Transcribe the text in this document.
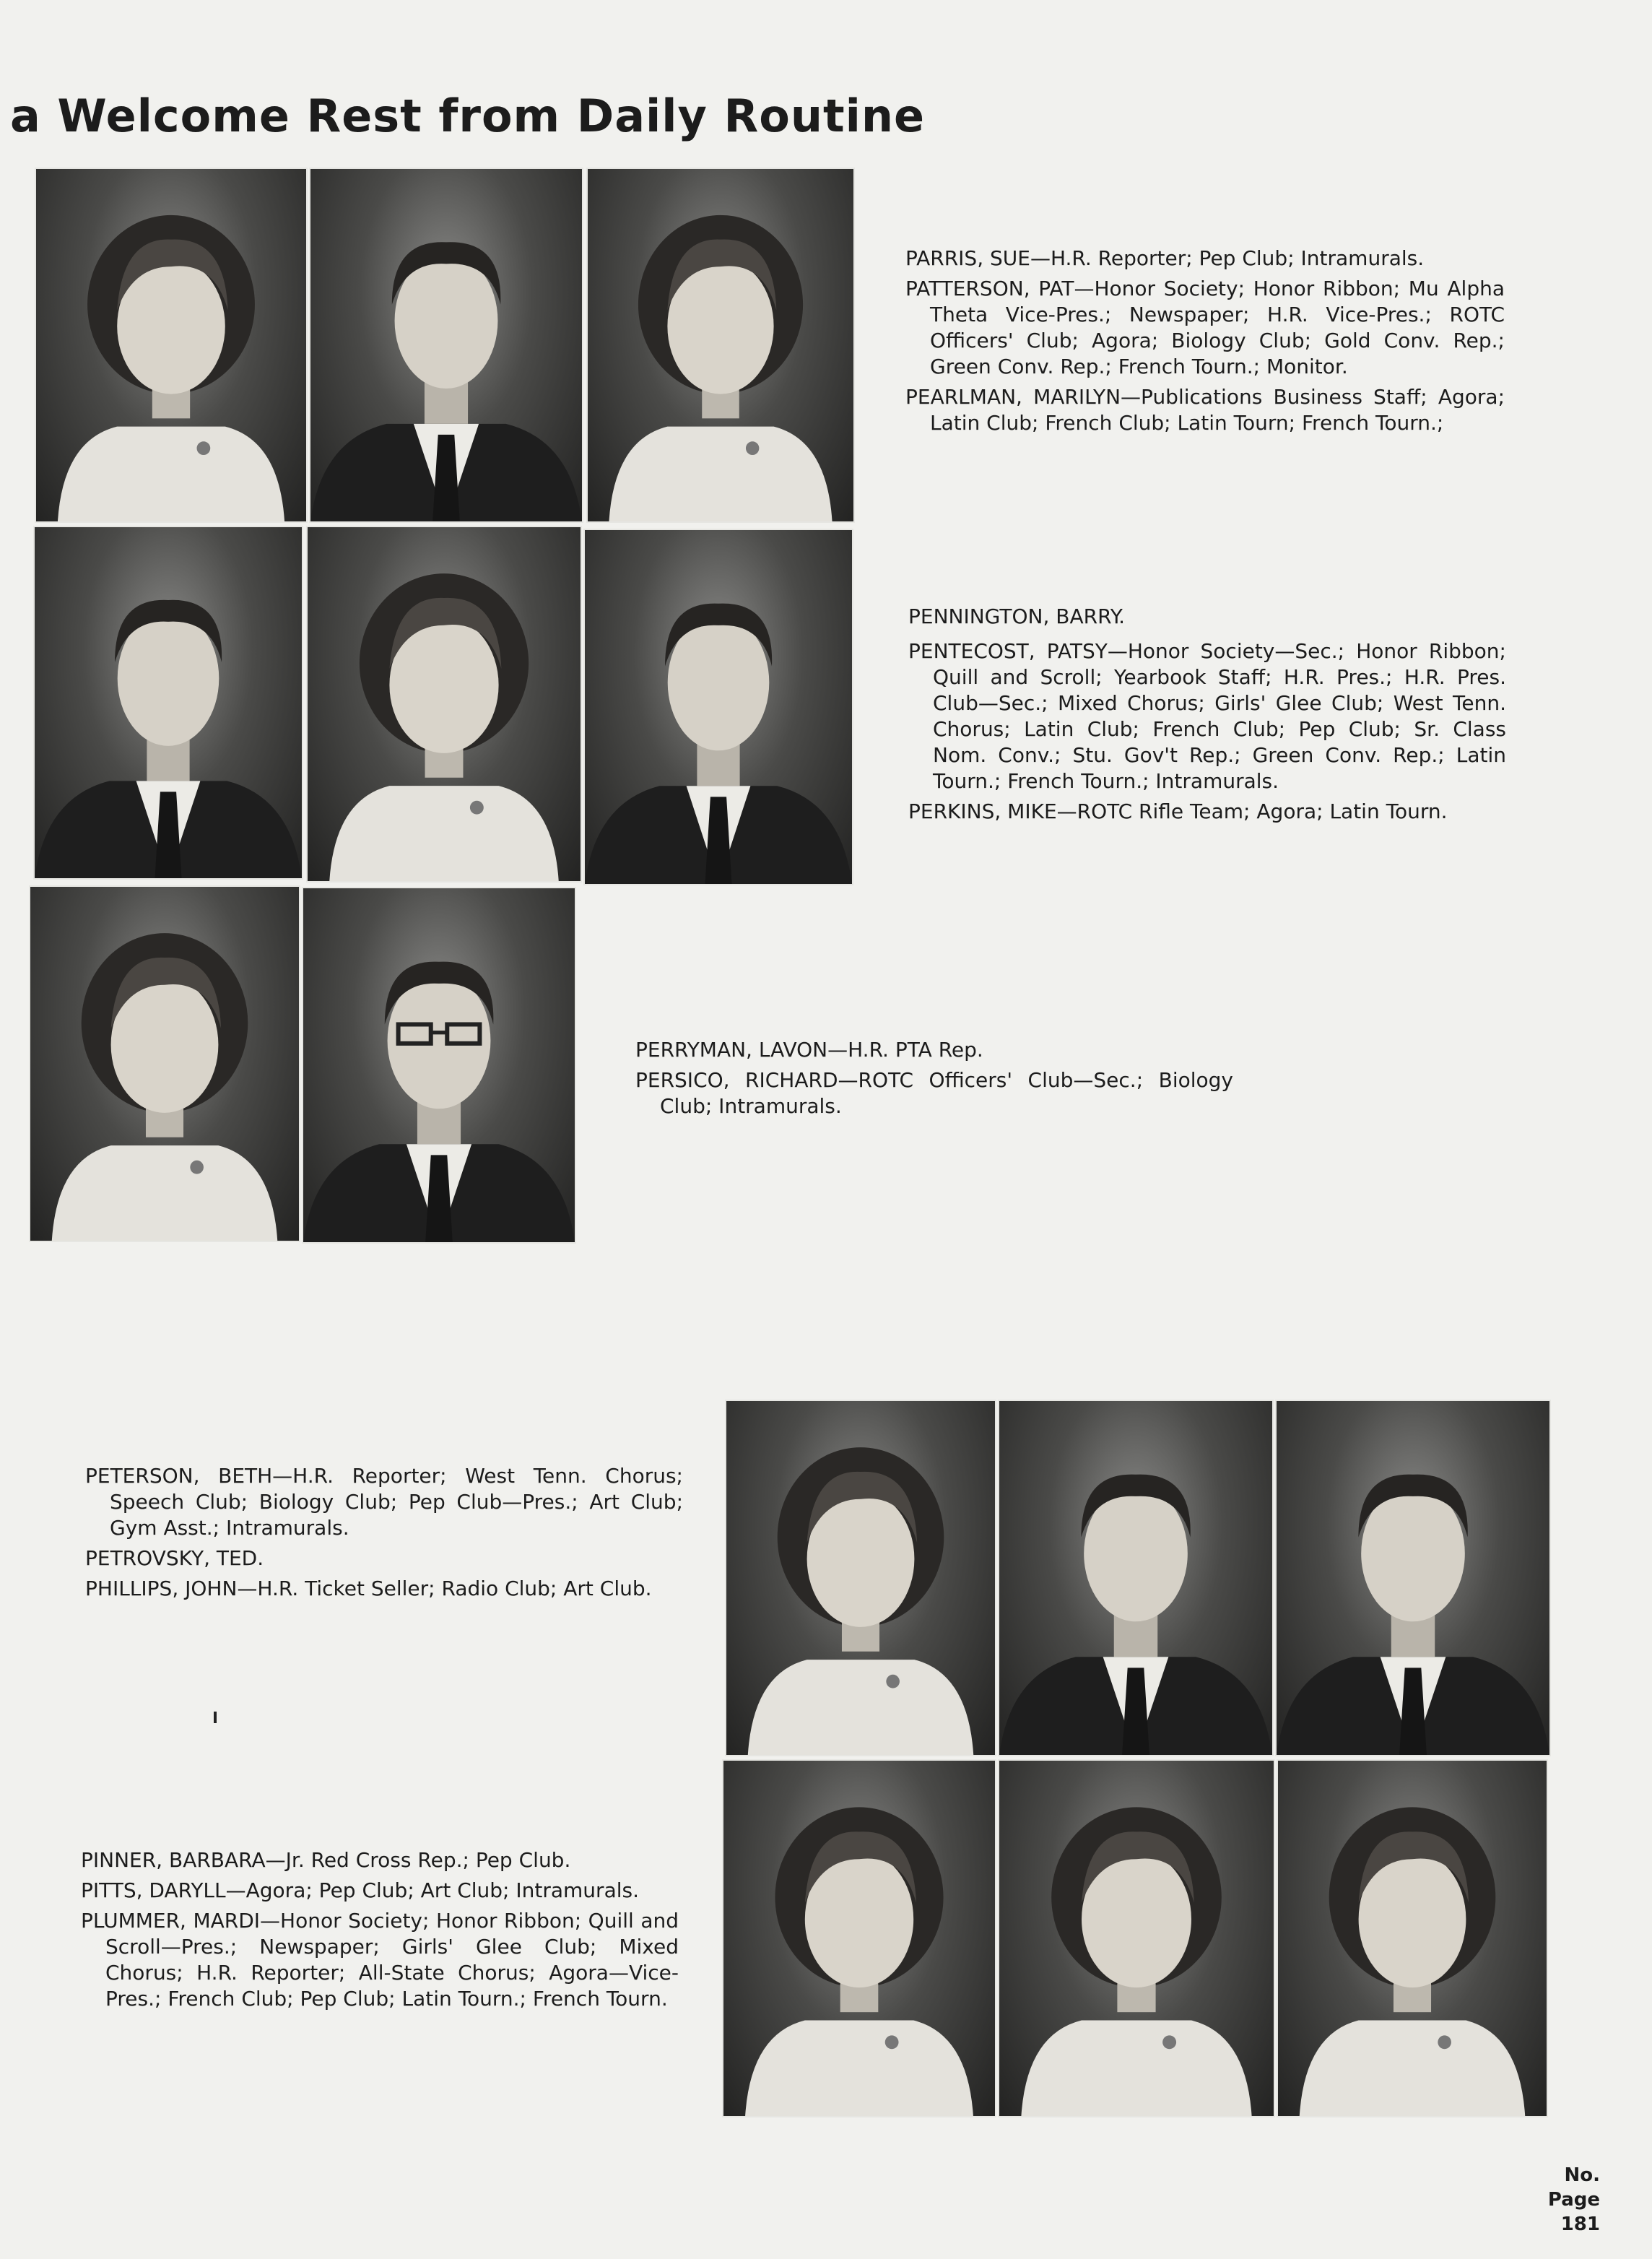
a Welcome Rest from Daily Routine

PARRIS, SUE—H.R. Reporter; Pep Club; Intramurals.

PATTERSON, PAT—Honor Society; Honor Ribbon; Mu Alpha Theta Vice-Pres.; Newspaper; H.R. Vice-Pres.; ROTC Officers' Club; Agora; Biology Club; Gold Conv. Rep.; Green Conv. Rep.; French Tourn.; Monitor.

PEARLMAN, MARILYN—Publications Business Staff; Agora; Latin Club; French Club; Latin Tourn; French Tourn.;

PENNINGTON, BARRY.

PENTECOST, PATSY—Honor Society—Sec.; Honor Ribbon; Quill and Scroll; Yearbook Staff; H.R. Pres.; H.R. Pres. Club—Sec.; Mixed Chorus; Girls' Glee Club; West Tenn. Chorus; Latin Club; French Club; Pep Club; Sr. Class Nom. Conv.; Stu. Gov't Rep.; Green Conv. Rep.; Latin Tourn.; French Tourn.; Intramurals.

PERKINS, MIKE—ROTC Rifle Team; Agora; Latin Tourn.

PERRYMAN, LAVON—H.R. PTA Rep.

PERSICO, RICHARD—ROTC Officers' Club—Sec.; Biology Club; Intramurals.

PETERSON, BETH—H.R. Reporter; West Tenn. Chorus; Speech Club; Biology Club; Pep Club—Pres.; Art Club; Gym Asst.; Intramurals.

PETROVSKY, TED.

PHILLIPS, JOHN—H.R. Ticket Seller; Radio Club; Art Club.

PINNER, BARBARA—Jr. Red Cross Rep.; Pep Club.

PITTS, DARYLL—Agora; Pep Club; Art Club; Intramurals.

PLUMMER, MARDI—Honor Society; Honor Ribbon; Quill and Scroll—Pres.; Newspaper; Girls' Glee Club; Mixed Chorus; H.R. Reporter; All-State Chorus; Agora—Vice-Pres.; French Club; Pep Club; Latin Tourn.; French Tourn.

No.
Page
181
